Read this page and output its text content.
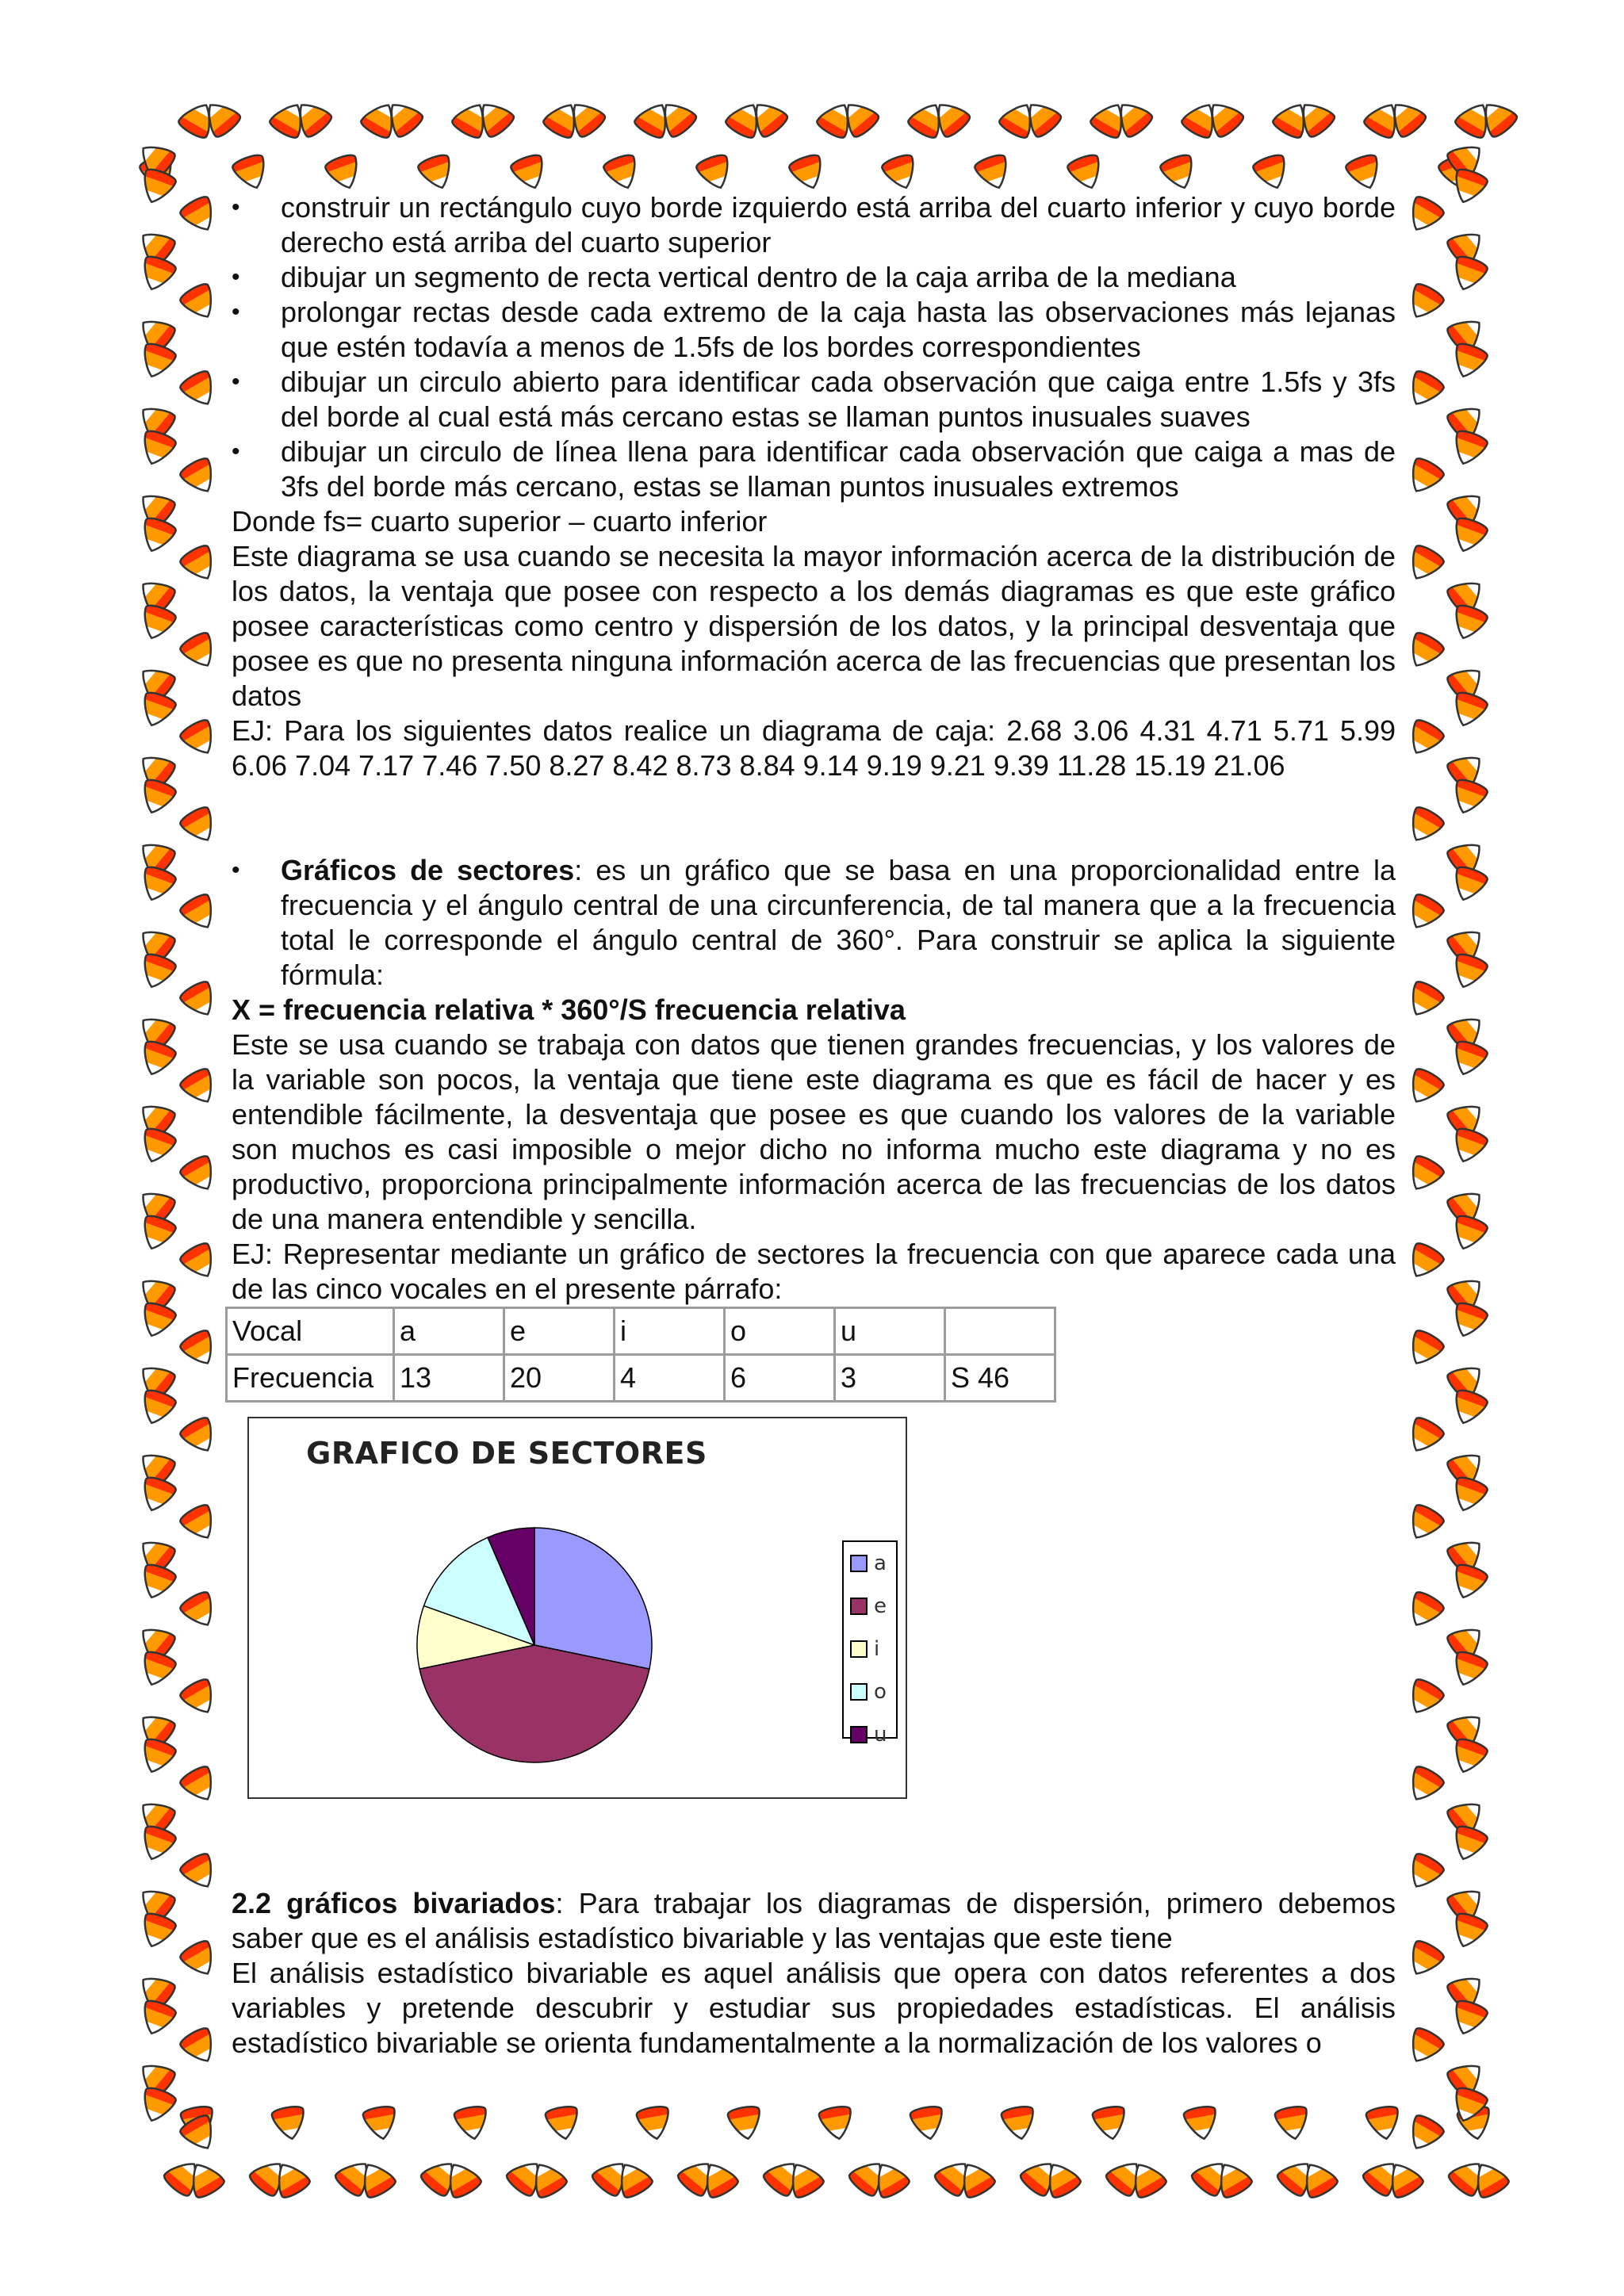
• construir un rectángulo cuyo borde izquierdo está arriba del cuarto inferior y cuyo borde derecho está arriba del cuarto superior
• dibujar un segmento de recta vertical dentro de la caja arriba de la mediana
• prolongar rectas desde cada extremo de la caja hasta las observaciones más lejanas que estén todavía a menos de 1.5fs de los bordes correspondientes
• dibujar un circulo abierto para identificar cada observación que caiga entre 1.5fs y 3fs del borde al cual está más cercano estas se llaman puntos inusuales suaves
• dibujar un circulo de línea llena para identificar cada observación que caiga a mas de 3fs del borde más cercano, estas se llaman puntos inusuales extremos

Donde fs= cuarto superior – cuarto inferior

Este diagrama se usa cuando se necesita la mayor información acerca de la distribución de los datos, la ventaja que posee con respecto a los demás diagramas es que este gráfico posee características como centro y dispersión de los datos, y la principal desventaja que posee es que no presenta ninguna información acerca de las frecuencias que presentan los datos

EJ: Para los siguientes datos realice un diagrama de caja: 2.68 3.06 4.31 4.71 5.71 5.99 6.06 7.04 7.17 7.46 7.50 8.27 8.42 8.73 8.84 9.14 9.19 9.21 9.39 11.28 15.19 21.06

• Gráficos de sectores: es un gráfico que se basa en una proporcionalidad entre la frecuencia y el ángulo central de una circunferencia, de tal manera que a la frecuencia total le corresponde el ángulo central de 360°. Para construir se aplica la siguiente fórmula:

X = frecuencia relativa * 360°/S frecuencia relativa

Este se usa cuando se trabaja con datos que tienen grandes frecuencias, y los valores de la variable son pocos, la ventaja que tiene este diagrama es que es fácil de hacer y es entendible fácilmente, la desventaja que posee es que cuando los valores de la variable son muchos es casi imposible o mejor dicho no informa mucho este diagrama y no es productivo, proporciona principalmente información acerca de las frecuencias de los datos de una manera entendible y sencilla.

EJ: Representar mediante un gráfico de sectores la frecuencia con que aparece cada una de las cinco vocales en el presente párrafo:

Vocal	a	e	i	o	u	
Frecuencia	13	20	4	6	3	S 46
GRAFICO DE SECTORES
a
e
i
o
u

2.2 gráficos bivariados: Para trabajar los diagramas de dispersión, primero debemos saber que es el análisis estadístico bivariable y las ventajas que este tiene

El análisis estadístico bivariable es aquel análisis que opera con datos referentes a dos variables y pretende descubrir y estudiar sus propiedades estadísticas. El análisis estadístico bivariable se orienta fundamentalmente a la normalización de los valores o
